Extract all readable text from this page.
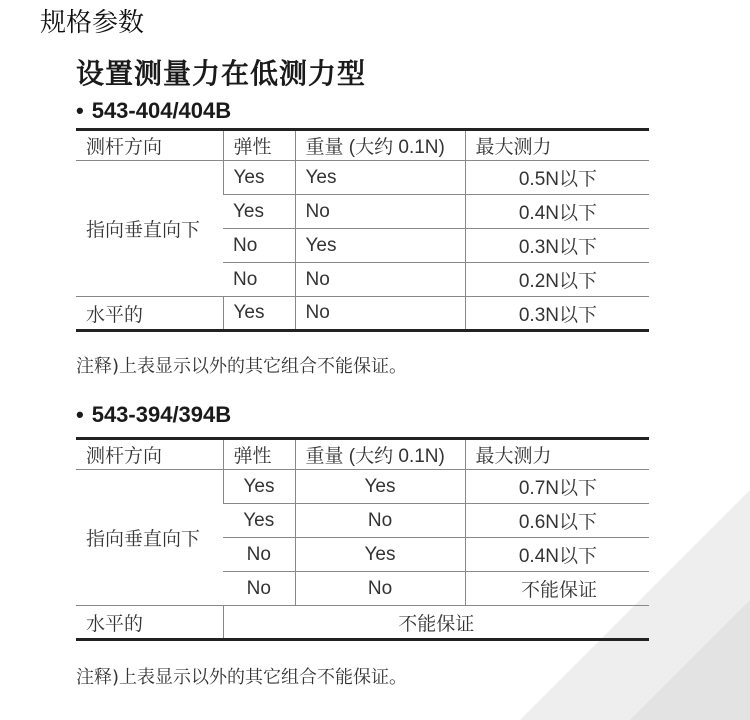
规格参数
设置测量力在低测力型
• 543-404/404B
测杆方向	弹性	重量 (大约 0.1N)	最大测力
指向垂直向下	Yes	Yes	0.5N以下
	Yes	No	0.4N以下
	No	Yes	0.3N以下
	No	No	0.2N以下
水平的	Yes	No	0.3N以下
注释)上表显示以外的其它组合不能保证。
• 543-394/394B
测杆方向	弹性	重量 (大约 0.1N)	最大测力
指向垂直向下	Yes	Yes	0.7N以下
	Yes	No	0.6N以下
	No	Yes	0.4N以下
	No	No	不能保证
水平的	不能保证		
注释)上表显示以外的其它组合不能保证。
